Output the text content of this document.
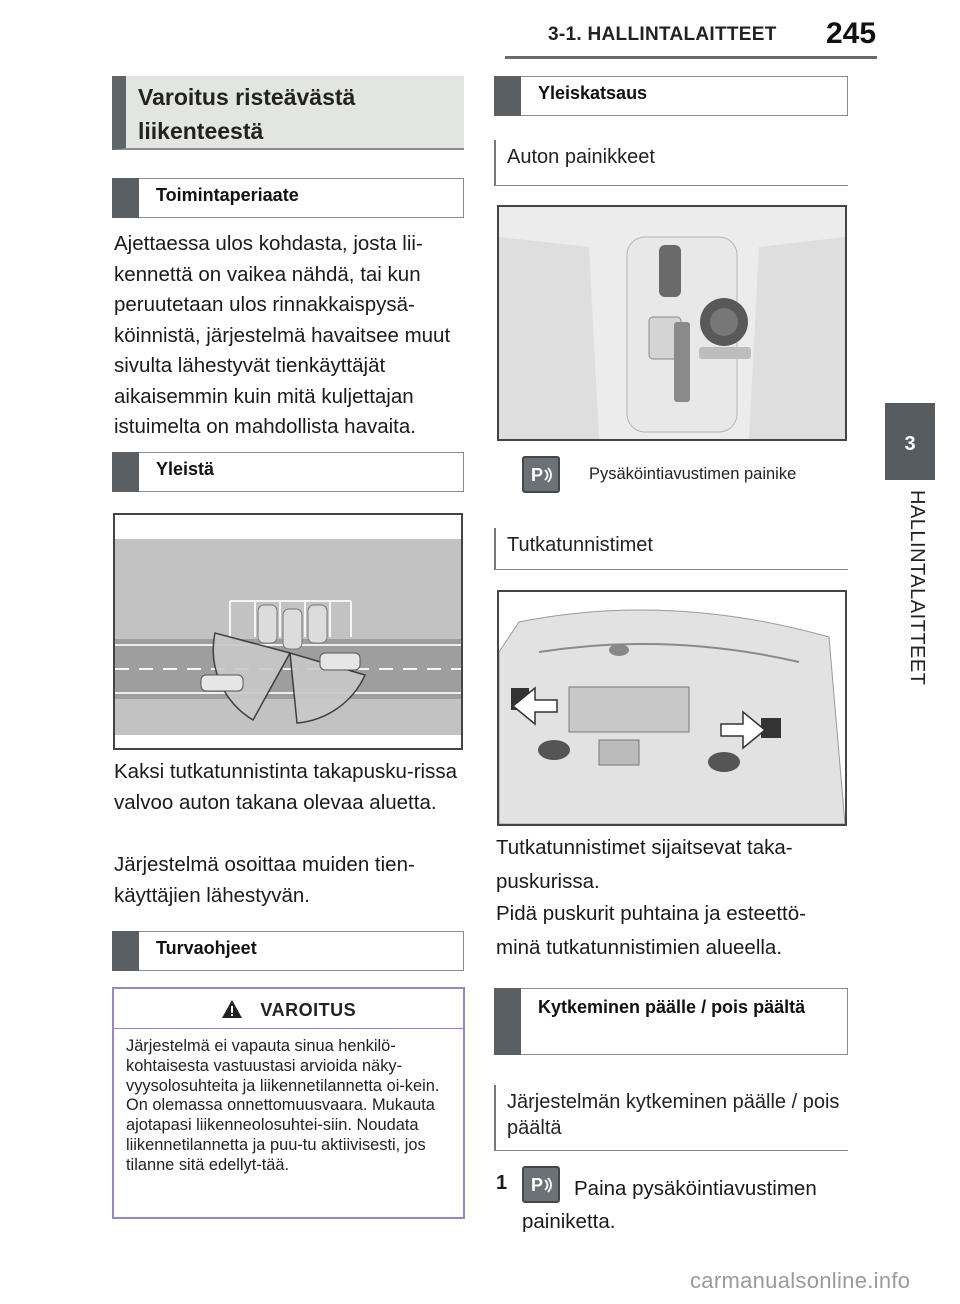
3-1. HALLINTALAITTEET 245
3
HALLINTALAITTEET
Varoitus risteävästä liikenteestä
Toimintaperiaate
Ajettaessa ulos kohdasta, josta lii-kennettä on vaikea nähdä, tai kun peruutetaan ulos rinnakkaispysä-köinnistä, järjestelmä havaitsee muut sivulta lähestyvät tienkäyttäjät aikaisemmin kuin mitä kuljettajan istuimelta on mahdollista havaita.
Yleistä
Kaksi tutkatunnistinta takapusku-rissa valvoo auton takana olevaa aluetta.
Järjestelmä osoittaa muiden tien-käyttäjien lähestyvän.
Turvaohjeet
VAROITUS
Järjestelmä ei vapauta sinua henkilö-kohtaisesta vastuustasi arvioida näky-vyysolosuhteita ja liikennetilannetta oi-kein. On olemassa onnettomuusvaara. Mukauta ajotapasi liikenneolosuhtei-siin. Noudata liikennetilannetta ja puu-tu aktiivisesti, jos tilanne sitä edellyt-tää.
Yleiskatsaus
Auton painikkeet
P	Pysäköintiavustimen painike
Tutkatunnistimet
Tutkatunnistimet sijaitsevat taka-puskurissa.
Pidä puskurit puhtaina ja esteettö-minä tutkatunnistimien alueella.
Kytkeminen päälle / pois päältä
Järjestelmän kytkeminen päälle / pois päältä
1 P	Paina pysäköintiavustimen painiketta.
carmanualsonline.info
